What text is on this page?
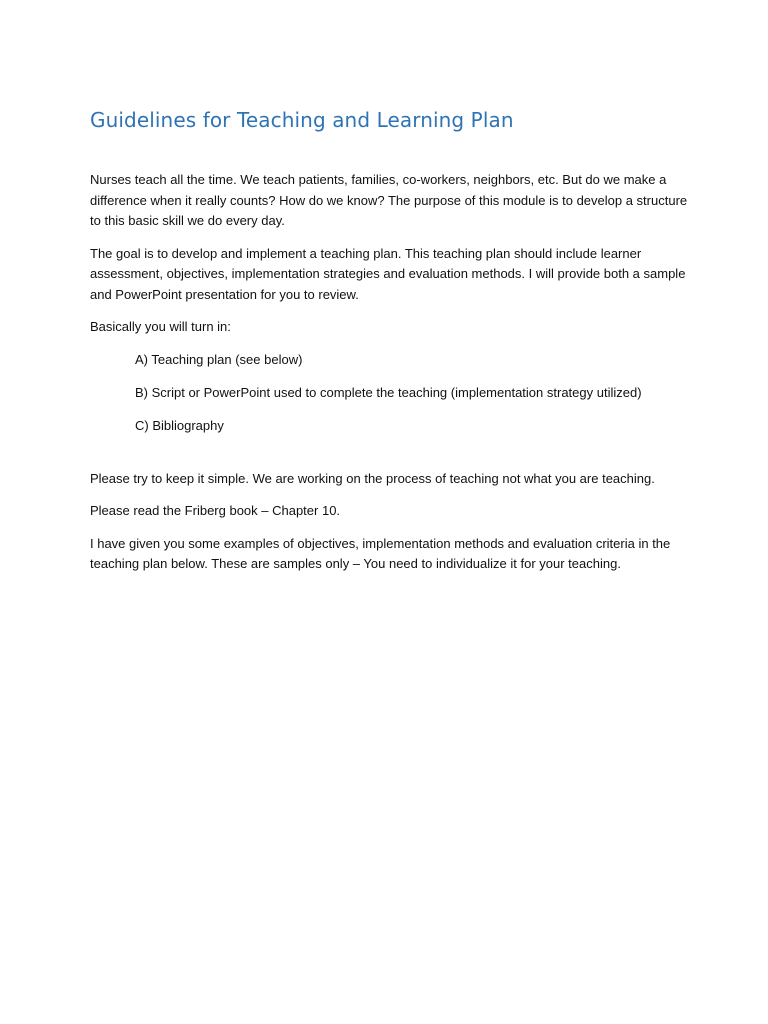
Guidelines for Teaching and Learning Plan

Nurses teach all the time. We teach patients, families, co-workers, neighbors, etc. But do we make a difference when it really counts? How do we know? The purpose of this module is to develop a structure to this basic skill we do every day.

The goal is to develop and implement a teaching plan. This teaching plan should include learner assessment, objectives, implementation strategies and evaluation methods. I will provide both a sample and PowerPoint presentation for you to review.

Basically you will turn in:

A) Teaching plan (see below)
B) Script or PowerPoint used to complete the teaching (implementation strategy utilized)
C) Bibliography

Please try to keep it simple. We are working on the process of teaching not what you are teaching.

Please read the Friberg book – Chapter 10.

I have given you some examples of objectives, implementation methods and evaluation criteria in the teaching plan below. These are samples only – You need to individualize it for your teaching.
